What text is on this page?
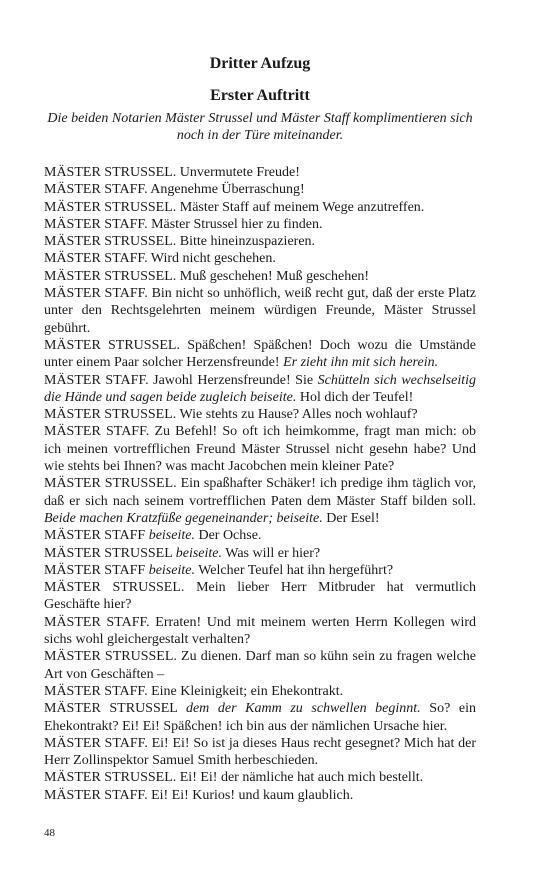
Dritter Aufzug
Erster Auftritt

Die beiden Notarien Mäster Strussel und Mäster Staff komplimentieren sich noch in der Türe miteinander.

MÄSTER STRUSSEL. Unvermutete Freude!

MÄSTER STAFF. Angenehme Überraschung!

MÄSTER STRUSSEL. Mäster Staff auf meinem Wege anzutreffen.

MÄSTER STAFF. Mäster Strussel hier zu finden.

MÄSTER STRUSSEL. Bitte hineinzuspazieren.

MÄSTER STAFF. Wird nicht geschehen.

MÄSTER STRUSSEL. Muß geschehen! Muß geschehen!

MÄSTER STAFF. Bin nicht so unhöflich, weiß recht gut, daß der erste Platz unter den Rechtsgelehrten meinem würdigen Freunde, Mäster Strussel gebührt.

MÄSTER STRUSSEL. Späßchen! Späßchen! Doch wozu die Umstände unter einem Paar solcher Herzensfreunde! Er zieht ihn mit sich herein.

MÄSTER STAFF. Jawohl Herzensfreunde! Sie Schütteln sich wechselseitig die Hände und sagen beide zugleich beiseite. Hol dich der Teufel!

MÄSTER STRUSSEL. Wie stehts zu Hause? Alles noch wohlauf?

MÄSTER STAFF. Zu Befehl! So oft ich heimkomme, fragt man mich: ob ich meinen vortrefflichen Freund Mäster Strussel nicht gesehn habe? Und wie stehts bei Ihnen? was macht Jacobchen mein kleiner Pate?

MÄSTER STRUSSEL. Ein spaßhafter Schäker! ich predige ihm täglich vor, daß er sich nach seinem vortrefflichen Paten dem Mäster Staff bilden soll. Beide machen Kratzfüße gegeneinander; beiseite. Der Esel!

MÄSTER STAFF beiseite. Der Ochse.

MÄSTER STRUSSEL beiseite. Was will er hier?

MÄSTER STAFF beiseite. Welcher Teufel hat ihn hergeführt?

MÄSTER STRUSSEL. Mein lieber Herr Mitbruder hat vermutlich Geschäfte hier?

MÄSTER STAFF. Erraten! Und mit meinem werten Herrn Kollegen wird sichs wohl gleichergestalt verhalten?

MÄSTER STRUSSEL. Zu dienen. Darf man so kühn sein zu fragen welche Art von Geschäften –

MÄSTER STAFF. Eine Kleinigkeit; ein Ehekontrakt.

MÄSTER STRUSSEL dem der Kamm zu schwellen beginnt. So? ein Ehekontrakt? Ei! Ei! Späßchen! ich bin aus der nämlichen Ursache hier.

MÄSTER STAFF. Ei! Ei! So ist ja dieses Haus recht gesegnet? Mich hat der Herr Zollinspektor Samuel Smith herbeschieden.

MÄSTER STRUSSEL. Ei! Ei! der nämliche hat auch mich bestellt.

MÄSTER STAFF. Ei! Ei! Kurios! und kaum glaublich.

48
